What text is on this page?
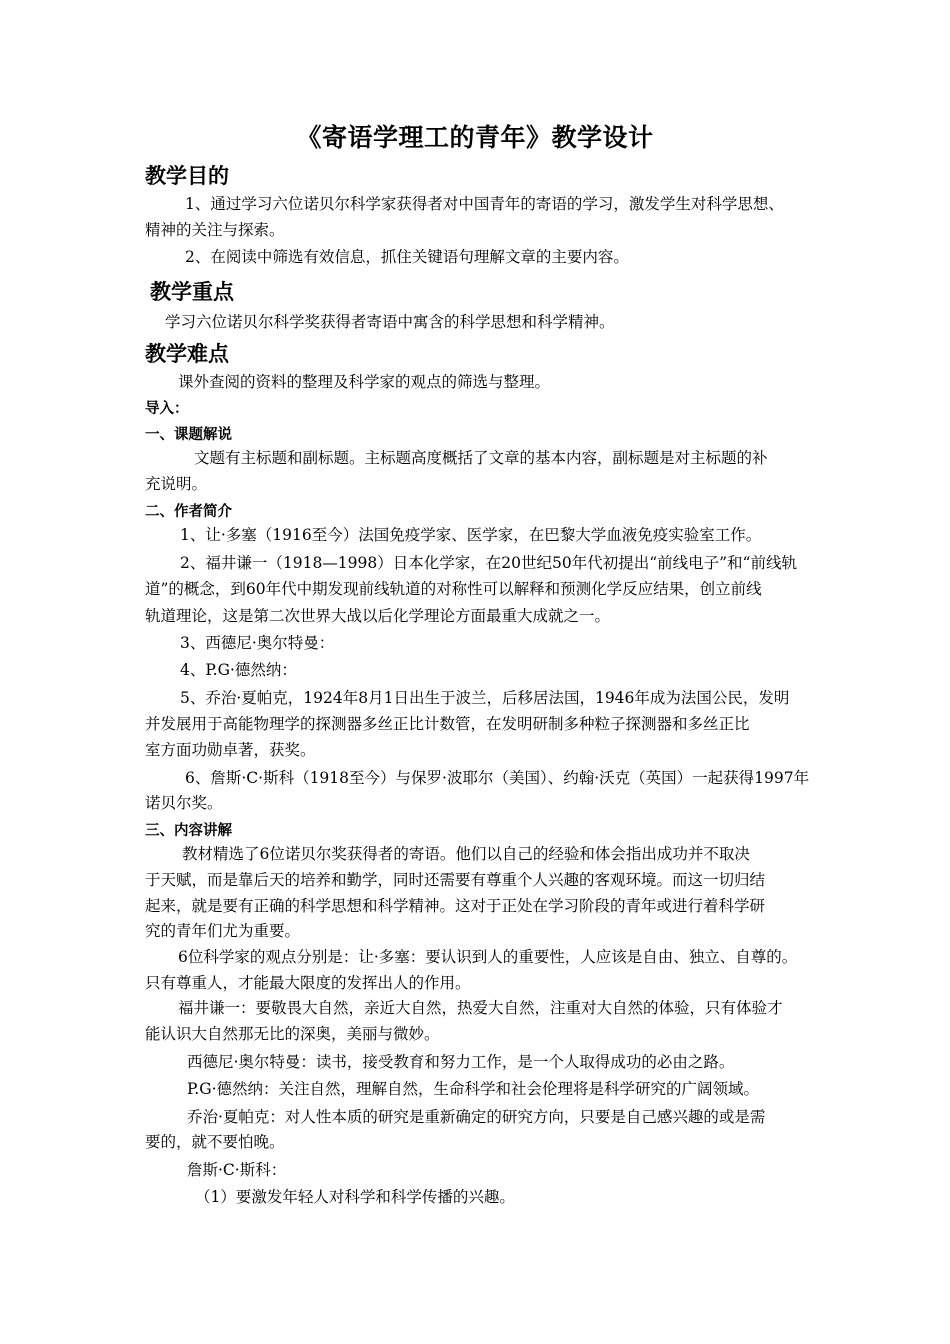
《寄语学理工的青年》教学设计
教学目的
1、通过学习六位诺贝尔科学家获得者对中国青年的寄语的学习，激发学生对科学思想、
精神的关注与探索。
2、在阅读中筛选有效信息，抓住关键语句理解文章的主要内容。
教学重点
学习六位诺贝尔科学奖获得者寄语中寓含的科学思想和科学精神。
教学难点
课外查阅的资料的整理及科学家的观点的筛选与整理。
导入：
一、课题解说
文题有主标题和副标题。主标题高度概括了文章的基本内容，副标题是对主标题的补
充说明。
二、作者简介
1、让·多塞（1916至今）法国免疫学家、医学家，在巴黎大学血液免疫实验室工作。
2、福井谦一（1918—1998）日本化学家，在20世纪50年代初提出“前线电子”和“前线轨
道”的概念，到60年代中期发现前线轨道的对称性可以解释和预测化学反应结果，创立前线
轨道理论，这是第二次世界大战以后化学理论方面最重大成就之一。
3、西德尼·奥尔特曼：
4、P.G·德然纳：
5、乔治·夏帕克，1924年8月1日出生于波兰，后移居法国，1946年成为法国公民，发明
并发展用于高能物理学的探测器多丝正比计数管，在发明研制多种粒子探测器和多丝正比
室方面功勋卓著，获奖。
6、詹斯·C·斯科（1918至今）与保罗·波耶尔（美国）、约翰·沃克（英国）一起获得1997年
诺贝尔奖。
三、内容讲解
教材精选了6位诺贝尔奖获得者的寄语。他们以自己的经验和体会指出成功并不取决
于天赋，而是靠后天的培养和勤学，同时还需要有尊重个人兴趣的客观环境。而这一切归结
起来，就是要有正确的科学思想和科学精神。这对于正处在学习阶段的青年或进行着科学研
究的青年们尤为重要。
6位科学家的观点分别是：让·多塞：要认识到人的重要性，人应该是自由、独立、自尊的。
只有尊重人，才能最大限度的发挥出人的作用。
福井谦一：要敬畏大自然，亲近大自然，热爱大自然，注重对大自然的体验，只有体验才
能认识大自然那无比的深奥，美丽与微妙。
西德尼·奥尔特曼：读书，接受教育和努力工作，是一个人取得成功的必由之路。
P.G·德然纳：关注自然，理解自然，生命科学和社会伦理将是科学研究的广阔领域。
乔治·夏帕克：对人性本质的研究是重新确定的研究方向，只要是自己感兴趣的或是需
要的，就不要怕晚。
詹斯·C·斯科：
（1）要激发年轻人对科学和科学传播的兴趣。
